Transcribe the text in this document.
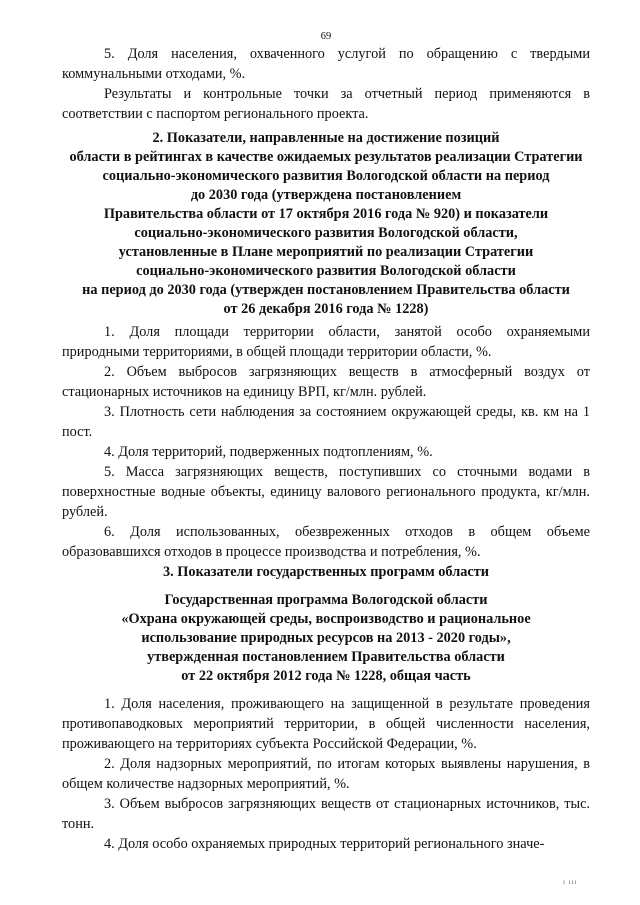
69

5. Доля населения, охваченного услугой по обращению с твердыми коммунальными отходами, %.

Результаты и контрольные точки за отчетный период применяются в соответствии с паспортом регионального проекта.

2. Показатели, направленные на достижение позиций

области в рейтингах в качестве ожидаемых результатов реализации Стратегии социально-экономического развития Вологодской области на период

до 2030 года (утверждена постановлением

Правительства области от 17 октября 2016 года № 920) и показатели

социально-экономического развития Вологодской области,

установленные в Плане мероприятий по реализации Стратегии

социально-экономического развития Вологодской области

на период до 2030 года (утвержден постановлением Правительства области

от 26 декабря 2016 года № 1228)

1. Доля площади территории области, занятой особо охраняемыми природными территориями, в общей площади территории области, %.

2. Объем выбросов загрязняющих веществ в атмосферный воздух от стационарных источников на единицу ВРП, кг/млн. рублей.

3. Плотность сети наблюдения за состоянием окружающей среды, кв. км на 1 пост.

4. Доля территорий, подверженных подтоплениям, %.

5. Масса загрязняющих веществ, поступивших со сточными водами в поверхностные водные объекты, единицу валового регионального продукта, кг/млн. рублей.

6. Доля использованных, обезвреженных отходов в общем объеме образовавшихся отходов в процессе производства и потребления, %.

3. Показатели государственных программ области

Государственная программа Вологодской области

«Охрана окружающей среды, воспроизводство и рациональное

использование природных ресурсов на 2013 - 2020 годы»,

утвержденная постановлением Правительства области

от 22 октября 2012 года № 1228, общая часть

1. Доля населения, проживающего на защищенной в результате проведения противопаводковых мероприятий территории, в общей численности населения, проживающего на территориях субъекта Российской Федерации, %.

2. Доля надзорных мероприятий, по итогам которых выявлены нарушения, в общем количестве надзорных мероприятий, %.

3. Объем выбросов загрязняющих веществ от стационарных источников, тыс. тонн.

4. Доля особо охраняемых природных территорий регионального значе-

ı ııı
